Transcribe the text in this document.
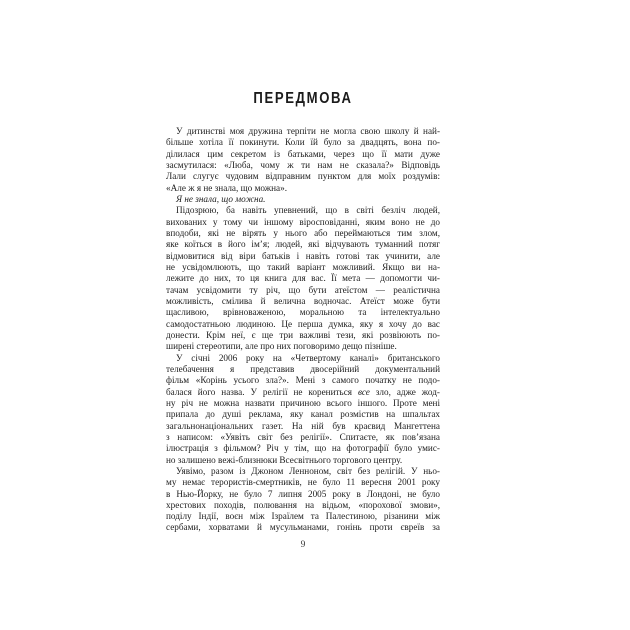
ПЕРЕДМОВА
У дитинстві моя дружина терпіти не могла свою школу й най-
більше хотіла її покинути. Коли їй було за двадцять, вона по-
ділилася цим секретом із батьками, через що її мати дуже
засмутилася: «Люба, чому ж ти нам не сказала?» Відповідь
Лали слугує чудовим відправним пунктом для моїх роздумів:
«Але ж я не знала, що можна».
Я не знала, що можна.
Підозрюю, ба навіть упевнений, що в світі безліч людей,
вихованих у тому чи іншому віросповіданні, яким воно не до
вподоби, які не вірять у нього або переймаються тим злом,
яке коїться в його ім’я; людей, які відчувають туманний потяг
відмовитися від віри батьків і навіть готові так учинити, але
не усвідомлюють, що такий варіант можливий. Якщо ви на-
лежите до них, то ця книга для вас. Її мета — допомогти чи-
тачам усвідомити ту річ, що бути атеїстом — реалістична
можливість, смілива й велична водночас. Атеїст може бути
щасливою, врівноваженою, моральною та інтелектуально
самодостатньою людиною. Це перша думка, яку я хочу до вас
донести. Крім неї, є ще три важливі тези, які розвіюють по-
ширені стереотипи, але про них поговоримо дещо пізніше.
У січні 2006 року на «Четвертому каналі» британського
телебачення я представив двосерійний документальний
фільм «Корінь усього зла?». Мені з самого початку не подо-
балася його назва. У релігії не корениться все зло, адже жод-
ну річ не можна назвати причиною всього іншого. Проте мені
припала до душі реклама, яку канал розмістив на шпальтах
загальнонаціональних газет. На ній був краєвид Мангеттена
з написом: «Уявіть світ без релігії». Спитаєте, як пов’язана
ілюстрація з фільмом? Річ у тім, що на фотографії було умис-
но залишено вежі-близнюки Всесвітнього торгового центру.
Уявімо, разом із Джоном Ленноном, світ без релігій. У ньо-
му немає терористів-смертників, не було 11 вересня 2001 року
в Нью-Йорку, не було 7 липня 2005 року в Лондоні, не було
хрестових походів, полювання на відьом, «порохової змови»,
поділу Індії, воєн між Ізраїлем та Палестиною, різанини між
сербами, хорватами й мусульманами, гонінь проти євреїв за
9
